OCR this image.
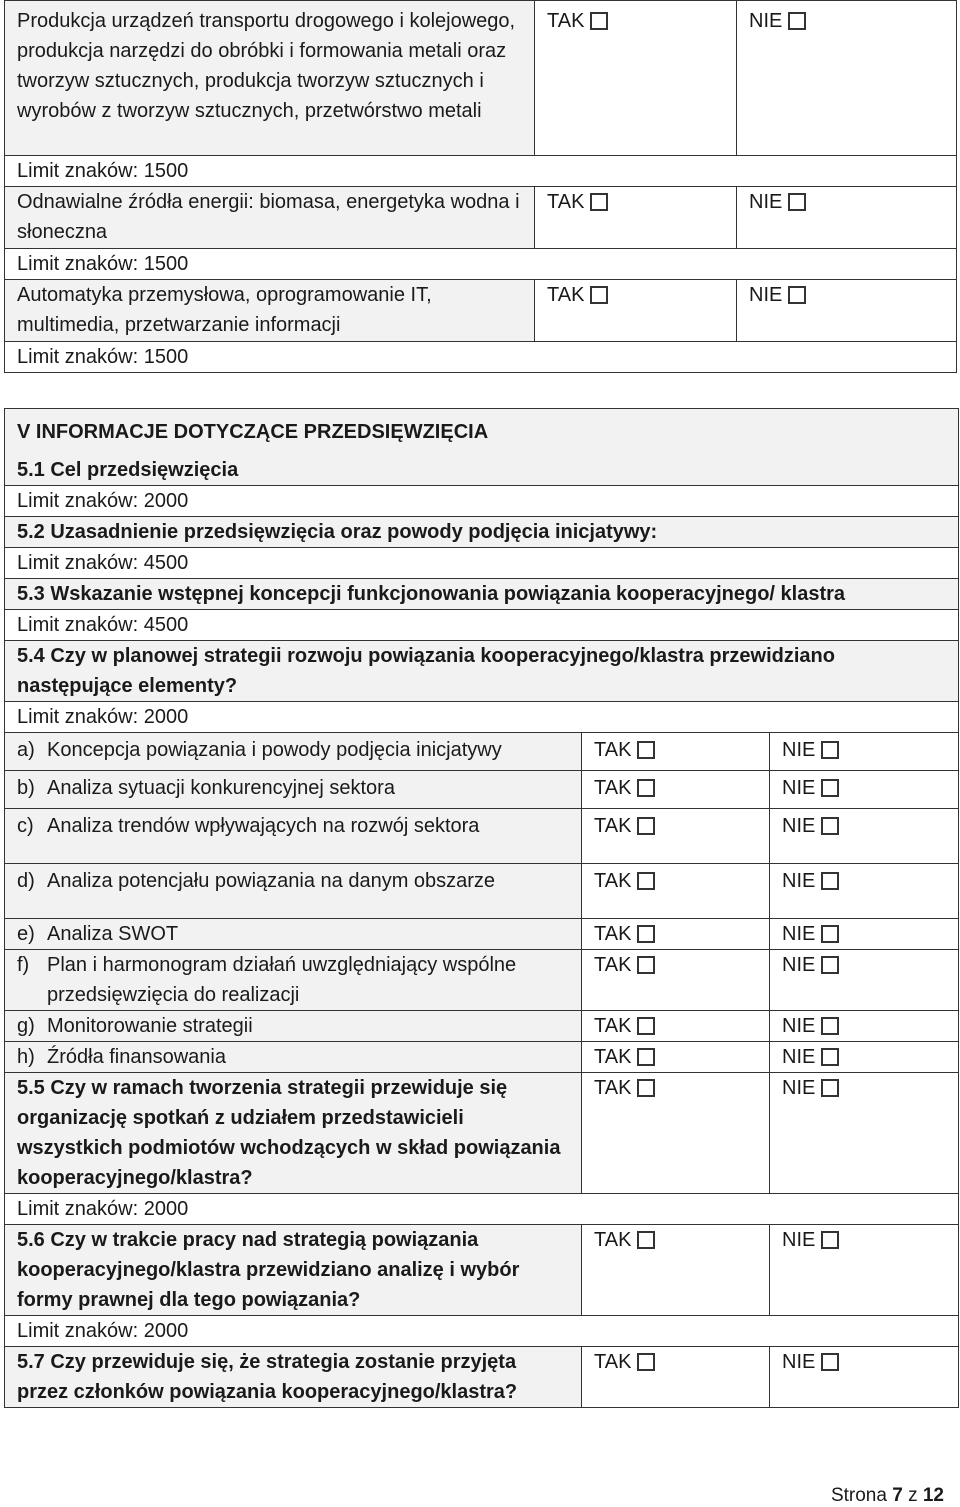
Produkcja urządzeń transportu drogowego i kolejowego, produkcja narzędzi do obróbki i formowania metali oraz tworzyw sztucznych, produkcja tworzyw sztucznych i wyrobów z tworzyw sztucznych, przetwórstwo metali	TAK	NIE

Limit znaków: 1500		
Odnawialne źródła energii: biomasa, energetyka wodna i słoneczna	TAK	NIE

Limit znaków: 1500		
Automatyka przemysłowa, oprogramowanie IT, multimedia, przetwarzanie informacji	TAK	NIE

Limit znaków: 1500		
V INFORMACJE DOTYCZĄCE PRZEDSIĘWZIĘCIA		
5.1 Cel przedsięwzięcia		
Limit znaków: 2000		
5.2 Uzasadnienie przedsięwzięcia oraz powody podjęcia inicjatywy:		
Limit znaków: 4500		
5.3 Wskazanie wstępnej koncepcji funkcjonowania powiązania kooperacyjnego/ klastra		
Limit znaków: 4500		
5.4 Czy w planowej strategii rozwoju powiązania kooperacyjnego/klastra przewidziano następujące elementy?		
Limit znaków: 2000		

a) Koncepcja powiązania i powody podjęcia inicjatywy	TAK	NIE

b) Analiza sytuacji konkurencyjnej sektora	TAK	NIE

c) Analiza trendów wpływających na rozwój sektora	TAK	NIE

d) Analiza potencjału powiązania na danym obszarze	TAK	NIE

e) Analiza SWOT	TAK	NIE

f) Plan i harmonogram działań uwzględniający wspólne przedsięwzięcia do realizacji	TAK	NIE

g) Monitorowanie strategii	TAK	NIE

h) Źródła finansowania	TAK	NIE

5.5 Czy w ramach tworzenia strategii przewiduje się organizację spotkań z udziałem przedstawicieli wszystkich podmiotów wchodzących w skład powiązania kooperacyjnego/klastra?	TAK	NIE

Limit znaków: 2000		
5.6 Czy w trakcie pracy nad strategią powiązania kooperacyjnego/klastra przewidziano analizę i wybór formy prawnej dla tego powiązania?	TAK	NIE

Limit znaków: 2000		
5.7 Czy przewiduje się, że strategia zostanie przyjęta przez członków powiązania kooperacyjnego/klastra?	TAK	NIE
Strona 7 z 12
